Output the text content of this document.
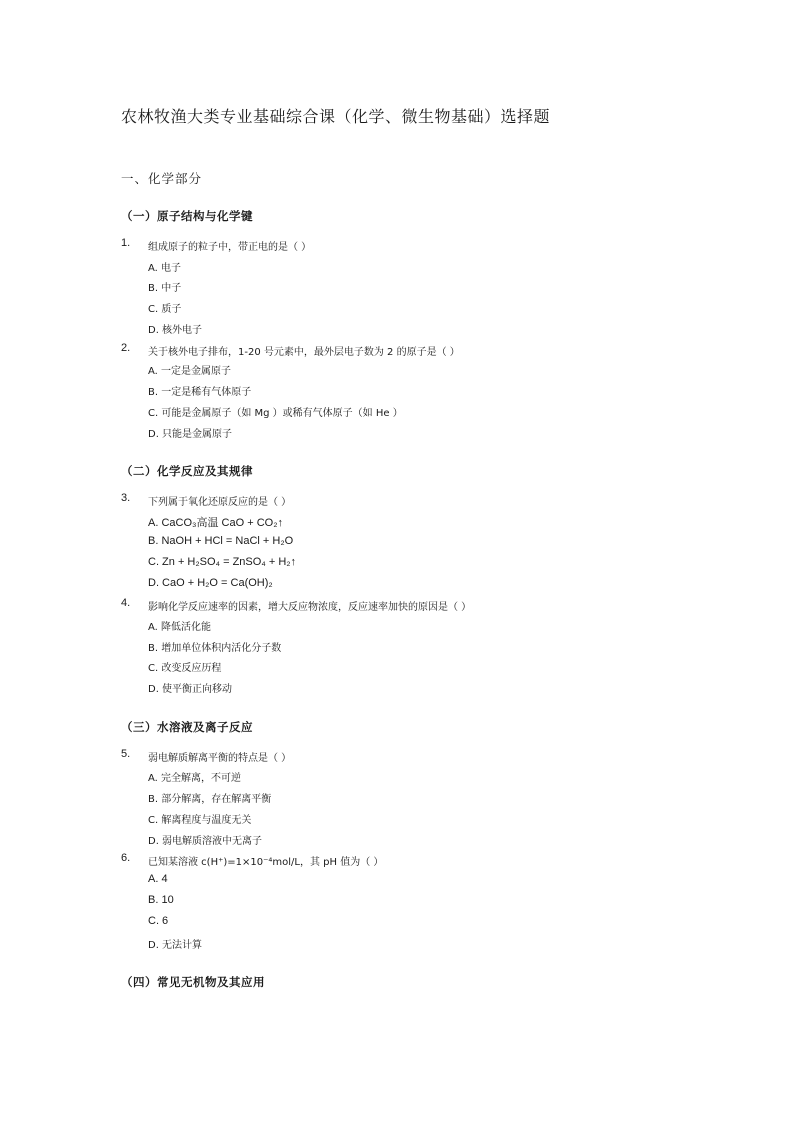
农林牧渔大类专业基础综合课（化学、微生物基础）选择题
一、化学部分
（一）原子结构与化学键
1. 组成原子的粒子中，带正电的是（ ）
A. 电子
B. 中子
C. 质子
D. 核外电子
2. 关于核外电子排布，1-20 号元素中，最外层电子数为 2 的原子是（ ）
A. 一定是金属原子
B. 一定是稀有气体原子
C. 可能是金属原子（如 Mg ）或稀有气体原子（如 He ）
D. 只能是金属原子
（二）化学反应及其规律
3. 下列属于氧化还原反应的是（ ）
A. CaCO₃高温 CaO + CO₂↑
B. NaOH + HCl = NaCl + H₂O
C. Zn + H₂SO₄ = ZnSO₄ + H₂↑
D. CaO + H₂O = Ca(OH)₂
4. 影响化学反应速率的因素，增大反应物浓度，反应速率加快的原因是（ ）
A. 降低活化能
B. 增加单位体积内活化分子数
C. 改变反应历程
D. 使平衡正向移动
（三）水溶液及离子反应
5. 弱电解质解离平衡的特点是（ ）
A. 完全解离，不可逆
B. 部分解离，存在解离平衡
C. 解离程度与温度无关
D. 弱电解质溶液中无离子
6. 已知某溶液 c(H⁺)=1×10⁻⁴mol/L，其 pH 值为（ ）
A. 4
B. 10
C. 6
D. 无法计算
（四）常见无机物及其应用
